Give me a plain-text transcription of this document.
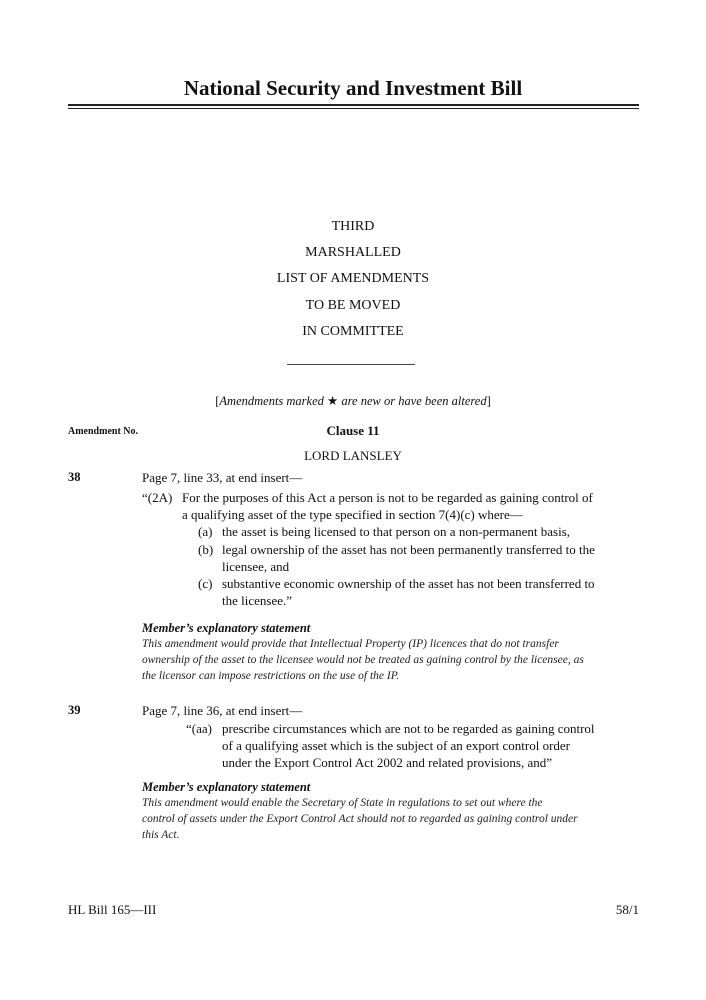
National Security and Investment Bill
THIRD
MARSHALLED
LIST OF AMENDMENTS
TO BE MOVED
IN COMMITTEE
[Amendments marked ★ are new or have been altered]
Amendment No.	Clause 11
LORD LANSLEY
38	Page 7, line 33, at end insert—
“(2A) For the purposes of this Act a person is not to be regarded as gaining control of
a qualifying asset of the type specified in section 7(4)(c) where—
(a) the asset is being licensed to that person on a non-permanent basis,
(b) legal ownership of the asset has not been permanently transferred to the
licensee, and
(c) substantive economic ownership of the asset has not been transferred to
the licensee.”
Member’s explanatory statement
This amendment would provide that Intellectual Property (IP) licences that do not transfer
ownership of the asset to the licensee would not be treated as gaining control by the licensee, as
the licensor can impose restrictions on the use of the IP.
39	Page 7, line 36, at end insert—
“(aa) prescribe circumstances which are not to be regarded as gaining control
of a qualifying asset which is the subject of an export control order
under the Export Control Act 2002 and related provisions, and”
Member’s explanatory statement
This amendment would enable the Secretary of State in regulations to set out where the
control of assets under the Export Control Act should not to regarded as gaining control under
this Act.
HL Bill 165—III	58/1
